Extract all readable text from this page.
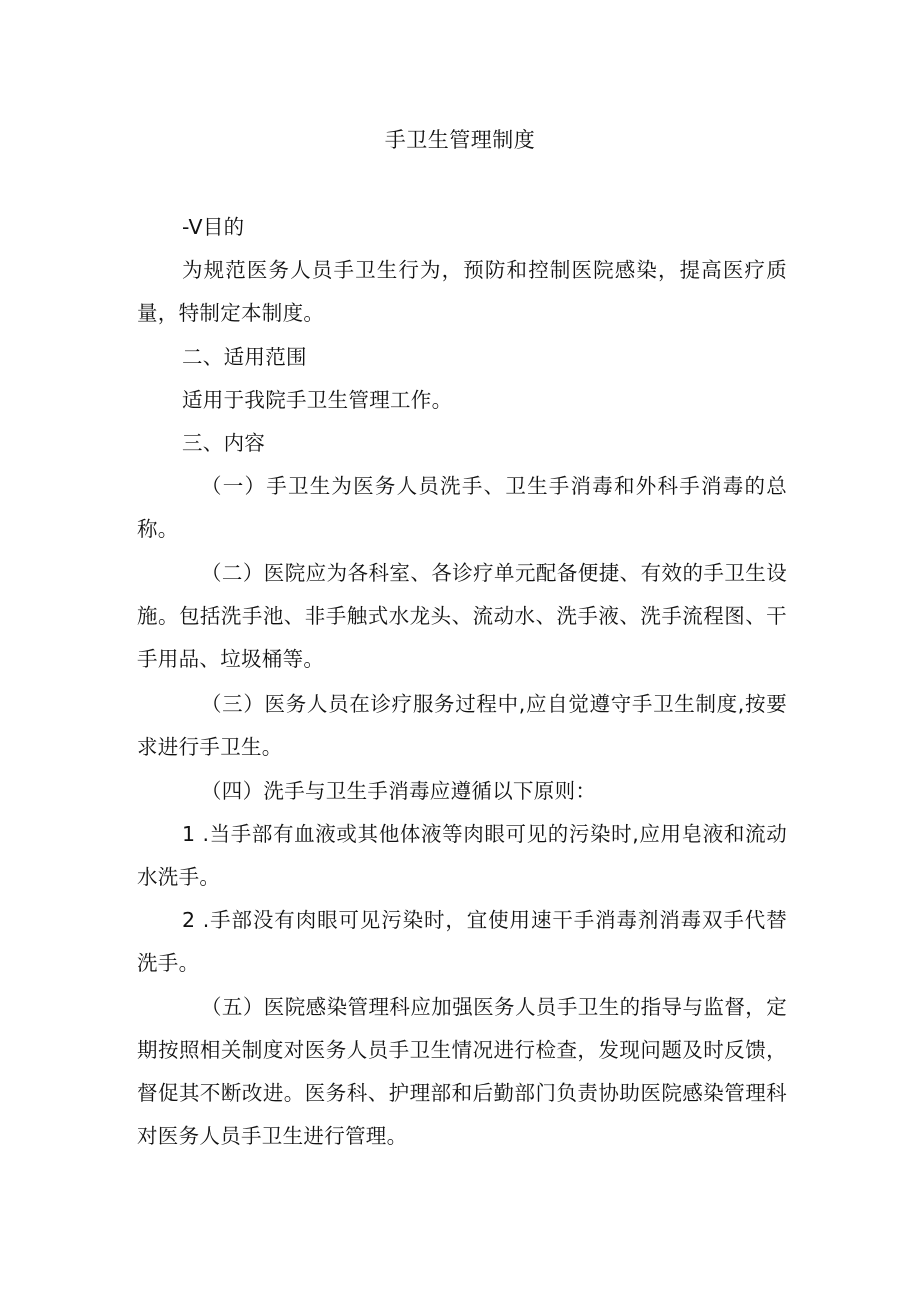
手卫生管理制度

-V目的

为规范医务人员手卫生行为，预防和控制医院感染，提高医疗质量，特制定本制度。

二、适用范围

适用于我院手卫生管理工作。

三、内容

（一）手卫生为医务人员洗手、卫生手消毒和外科手消毒的总称。

（二）医院应为各科室、各诊疗单元配备便捷、有效的手卫生设施。包括洗手池、非手触式水龙头、流动水、洗手液、洗手流程图、干手用品、垃圾桶等。

（三）医务人员在诊疗服务过程中,应自觉遵守手卫生制度,按要求进行手卫生。

（四）洗手与卫生手消毒应遵循以下原则：

1 .当手部有血液或其他体液等肉眼可见的污染时,应用皂液和流动水洗手。

2 .手部没有肉眼可见污染时，宜使用速干手消毒剂消毒双手代替洗手。

（五）医院感染管理科应加强医务人员手卫生的指导与监督，定期按照相关制度对医务人员手卫生情况进行检查，发现问题及时反馈，督促其不断改进。医务科、护理部和后勤部门负责协助医院感染管理科对医务人员手卫生进行管理。
